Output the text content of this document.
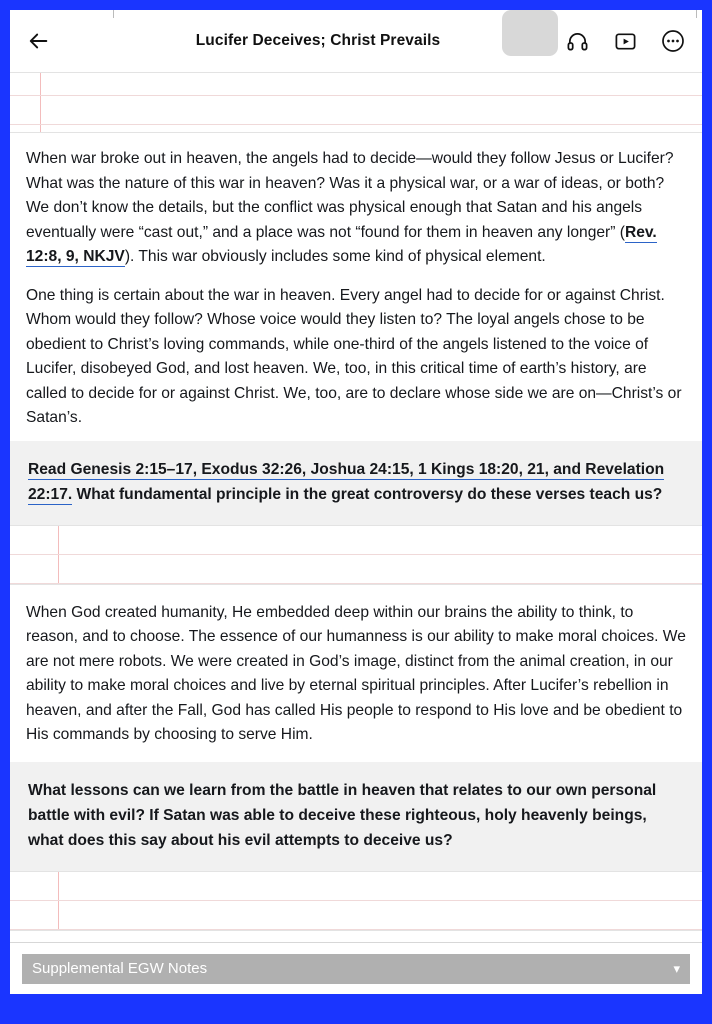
Lucifer Deceives; Christ Prevails

When war broke out in heaven, the angels had to decide—would they follow Jesus or Lucifer? What was the nature of this war in heaven? Was it a physical war, or a war of ideas, or both? We don’t know the details, but the conflict was physical enough that Satan and his angels eventually were “cast out,” and a place was not “found for them in heaven any longer” (Rev. 12:8, 9, NKJV). This war obviously includes some kind of physical element.

One thing is certain about the war in heaven. Every angel had to decide for or against Christ. Whom would they follow? Whose voice would they listen to? The loyal angels chose to be obedient to Christ’s loving commands, while one-third of the angels listened to the voice of Lucifer, disobeyed God, and lost heaven. We, too, in this critical time of earth’s history, are called to decide for or against Christ. We, too, are to declare whose side we are on—Christ’s or Satan’s.

Read Genesis 2:15–17, Exodus 32:26, Joshua 24:15, 1 Kings 18:20, 21, and Revelation 22:17. What fundamental principle in the great controversy do these verses teach us?

When God created humanity, He embedded deep within our brains the ability to think, to reason, and to choose. The essence of our humanness is our ability to make moral choices. We are not mere robots. We were created in God’s image, distinct from the animal creation, in our ability to make moral choices and live by eternal spiritual principles. After Lucifer’s rebellion in heaven, and after the Fall, God has called His people to respond to His love and be obedient to His commands by choosing to serve Him.

What lessons can we learn from the battle in heaven that relates to our own personal battle with evil? If Satan was able to deceive these righteous, holy heavenly beings, what does this say about his evil attempts to deceive us?
Supplemental EGW Notes	▾
